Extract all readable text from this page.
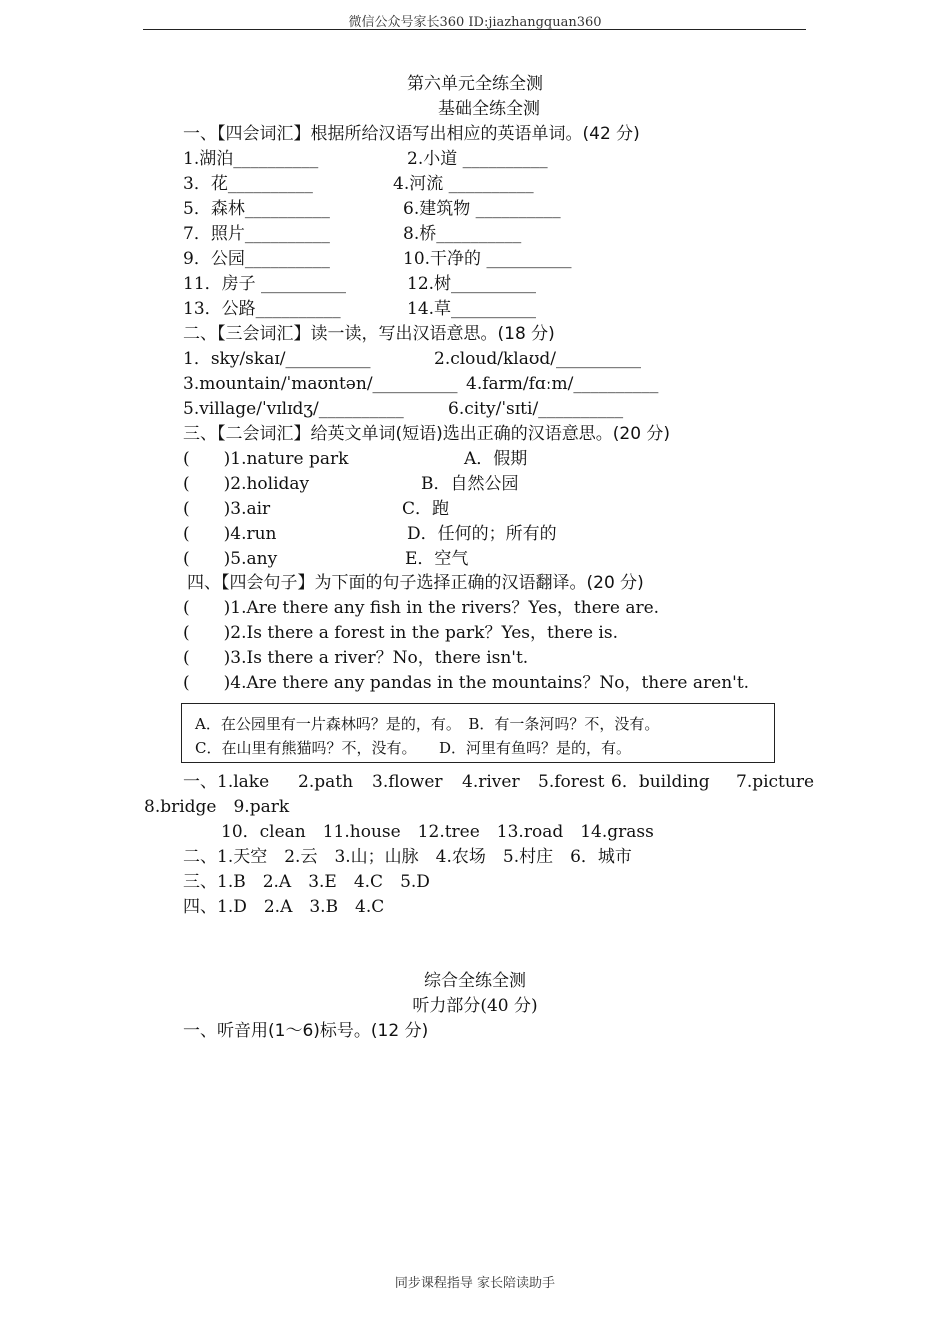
微信公众号家长360 ID:jiazhangquan360
第六单元全练全测
基础全练全测
一、【四会词汇】根据所给汉语写出相应的英语单词。(42 分)
1.湖泊__________	2.小道 __________
3．花__________	4.河流 __________
5．森林__________	6.建筑物 __________
7．照片__________	8.桥__________
9．公园__________	10.干净的 __________
11．房子 __________	12.树__________
13．公路__________	14.草__________
二、【三会词汇】读一读，写出汉语意思。(18 分)
1．sky/skaɪ/__________	2.cloud/klaʊd/__________
3.mountain/ˈmaʊntən/__________ 4.farm/fɑːm/__________
5.village/ˈvɪlɪdʒ/__________	6.city/ˈsɪti/__________
三、【二会词汇】给英文单词(短语)选出正确的汉语意思。(20 分)
(　　)1.nature park	A．假期
(　　)2.holiday	B．自然公园
(　　)3.air	C．跑
(　　)4.run	D．任何的；所有的
(　　)5.any	E．空气
四、【四会句子】为下面的句子选择正确的汉语翻译。(20 分)
(　　)1.Are there any fish in the rivers？Yes，there are.
(　　)2.Is there a forest in the park？Yes，there is.
(　　)3.Is there a river？No，there isn't.
(　　)4.Are there any pandas in the mountains？No，there aren't.
A．在公园里有一片森林吗？是的，有。　B．有一条河吗？不，没有。
C．在山里有熊猫吗？不，没有。　　D．河里有鱼吗？是的，有。
一、1.lake 2.path 3.flower 4.river 5.forest 6．building 7.picture
8.bridge　9.park
10．clean　11.house　12.tree　13.road　14.grass
二、1.天空　2.云　3.山；山脉　4.农场　5.村庄　6．城市
三、1.B　2.A　3.E　4.C　5.D
四、1.D　2.A　3.B　4.C
综合全练全测
听力部分(40 分)
一、听音用(1～6)标号。(12 分)
同步课程指导 家长陪读助手
